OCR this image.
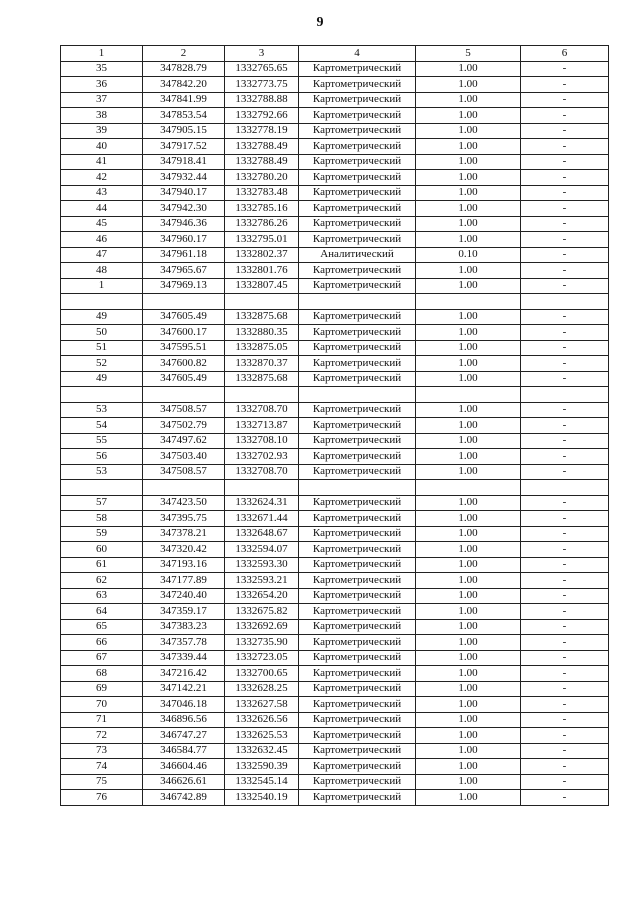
9
1	2	3	4	5	6
35	347828.79	1332765.65	Картометрический	1.00	-
36	347842.20	1332773.75	Картометрический	1.00	-
37	347841.99	1332788.88	Картометрический	1.00	-
38	347853.54	1332792.66	Картометрический	1.00	-
39	347905.15	1332778.19	Картометрический	1.00	-
40	347917.52	1332788.49	Картометрический	1.00	-
41	347918.41	1332788.49	Картометрический	1.00	-
42	347932.44	1332780.20	Картометрический	1.00	-
43	347940.17	1332783.48	Картометрический	1.00	-
44	347942.30	1332785.16	Картометрический	1.00	-
45	347946.36	1332786.26	Картометрический	1.00	-
46	347960.17	1332795.01	Картометрический	1.00	-
47	347961.18	1332802.37	Аналитический	0.10	-
48	347965.67	1332801.76	Картометрический	1.00	-
1	347969.13	1332807.45	Картометрический	1.00	-

49	347605.49	1332875.68	Картометрический	1.00	-
50	347600.17	1332880.35	Картометрический	1.00	-
51	347595.51	1332875.05	Картометрический	1.00	-
52	347600.82	1332870.37	Картометрический	1.00	-
49	347605.49	1332875.68	Картометрический	1.00	-

53	347508.57	1332708.70	Картометрический	1.00	-
54	347502.79	1332713.87	Картометрический	1.00	-
55	347497.62	1332708.10	Картометрический	1.00	-
56	347503.40	1332702.93	Картометрический	1.00	-
53	347508.57	1332708.70	Картометрический	1.00	-

57	347423.50	1332624.31	Картометрический	1.00	-
58	347395.75	1332671.44	Картометрический	1.00	-
59	347378.21	1332648.67	Картометрический	1.00	-
60	347320.42	1332594.07	Картометрический	1.00	-
61	347193.16	1332593.30	Картометрический	1.00	-
62	347177.89	1332593.21	Картометрический	1.00	-
63	347240.40	1332654.20	Картометрический	1.00	-
64	347359.17	1332675.82	Картометрический	1.00	-
65	347383.23	1332692.69	Картометрический	1.00	-
66	347357.78	1332735.90	Картометрический	1.00	-
67	347339.44	1332723.05	Картометрический	1.00	-
68	347216.42	1332700.65	Картометрический	1.00	-
69	347142.21	1332628.25	Картометрический	1.00	-
70	347046.18	1332627.58	Картометрический	1.00	-
71	346896.56	1332626.56	Картометрический	1.00	-
72	346747.27	1332625.53	Картометрический	1.00	-
73	346584.77	1332632.45	Картометрический	1.00	-
74	346604.46	1332590.39	Картометрический	1.00	-
75	346626.61	1332545.14	Картометрический	1.00	-
76	346742.89	1332540.19	Картометрический	1.00	-
